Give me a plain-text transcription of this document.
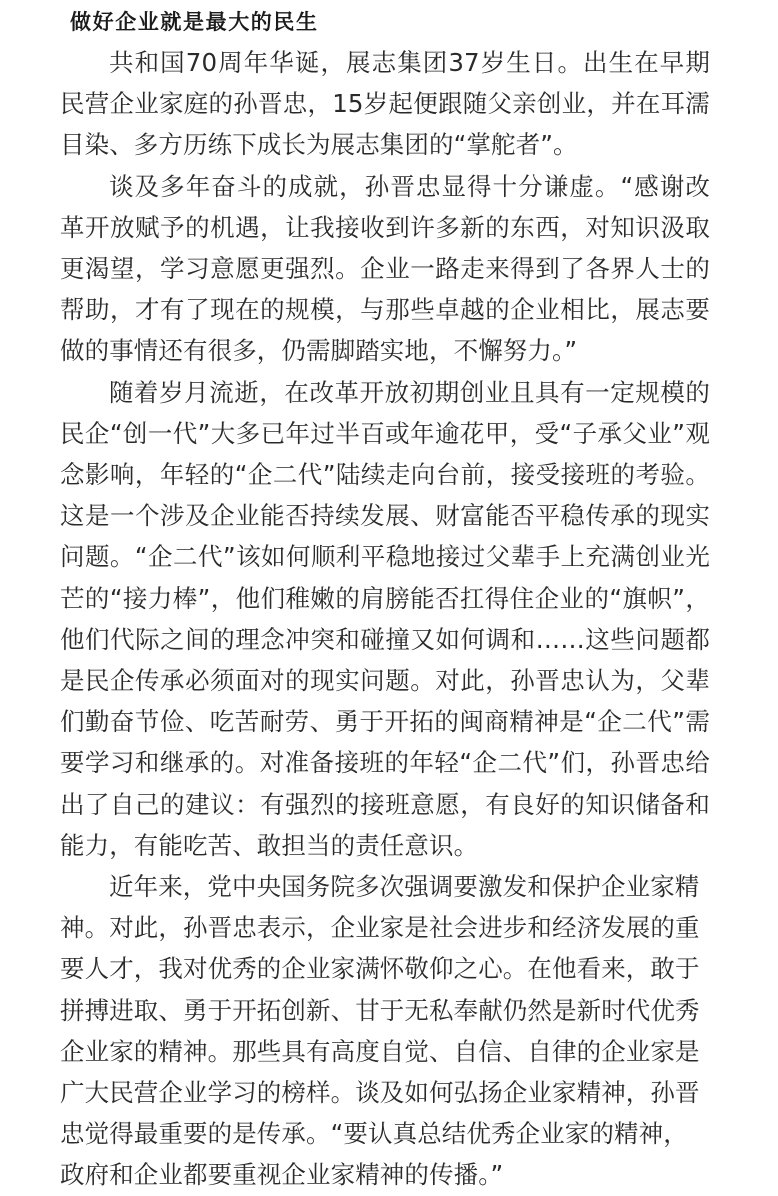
做好企业就是最大的民生

共和国70周年华诞，展志集团37岁生日。出生在早期民营企业家庭的孙晋忠，15岁起便跟随父亲创业，并在耳濡目染、多方历练下成长为展志集团的“掌舵者”。

谈及多年奋斗的成就，孙晋忠显得十分谦虚。“感谢改革开放赋予的机遇，让我接收到许多新的东西，对知识汲取更渴望，学习意愿更强烈。企业一路走来得到了各界人士的帮助，才有了现在的规模，与那些卓越的企业相比，展志要做的事情还有很多，仍需脚踏实地，不懈努力。”

随着岁月流逝，在改革开放初期创业且具有一定规模的民企“创一代”大多已年过半百或年逾花甲，受“子承父业”观念影响，年轻的“企二代”陆续走向台前，接受接班的考验。这是一个涉及企业能否持续发展、财富能否平稳传承的现实问题。“企二代”该如何顺利平稳地接过父辈手上充满创业光芒的“接力棒”，他们稚嫩的肩膀能否扛得住企业的“旗帜”，他们代际之间的理念冲突和碰撞又如何调和……这些问题都是民企传承必须面对的现实问题。对此，孙晋忠认为，父辈们勤奋节俭、吃苦耐劳、勇于开拓的闽商精神是“企二代”需要学习和继承的。对准备接班的年轻“企二代”们，孙晋忠给出了自己的建议：有强烈的接班意愿，有良好的知识储备和能力，有能吃苦、敢担当的责任意识。

近年来，党中央国务院多次强调要激发和保护企业家精神。对此，孙晋忠表示，企业家是社会进步和经济发展的重要人才，我对优秀的企业家满怀敬仰之心。在他看来，敢于拼搏进取、勇于开拓创新、甘于无私奉献仍然是新时代优秀企业家的精神。那些具有高度自觉、自信、自律的企业家是广大民营企业学习的榜样。谈及如何弘扬企业家精神，孙晋忠觉得最重要的是传承。“要认真总结优秀企业家的精神，政府和企业都要重视企业家精神的传播。”
